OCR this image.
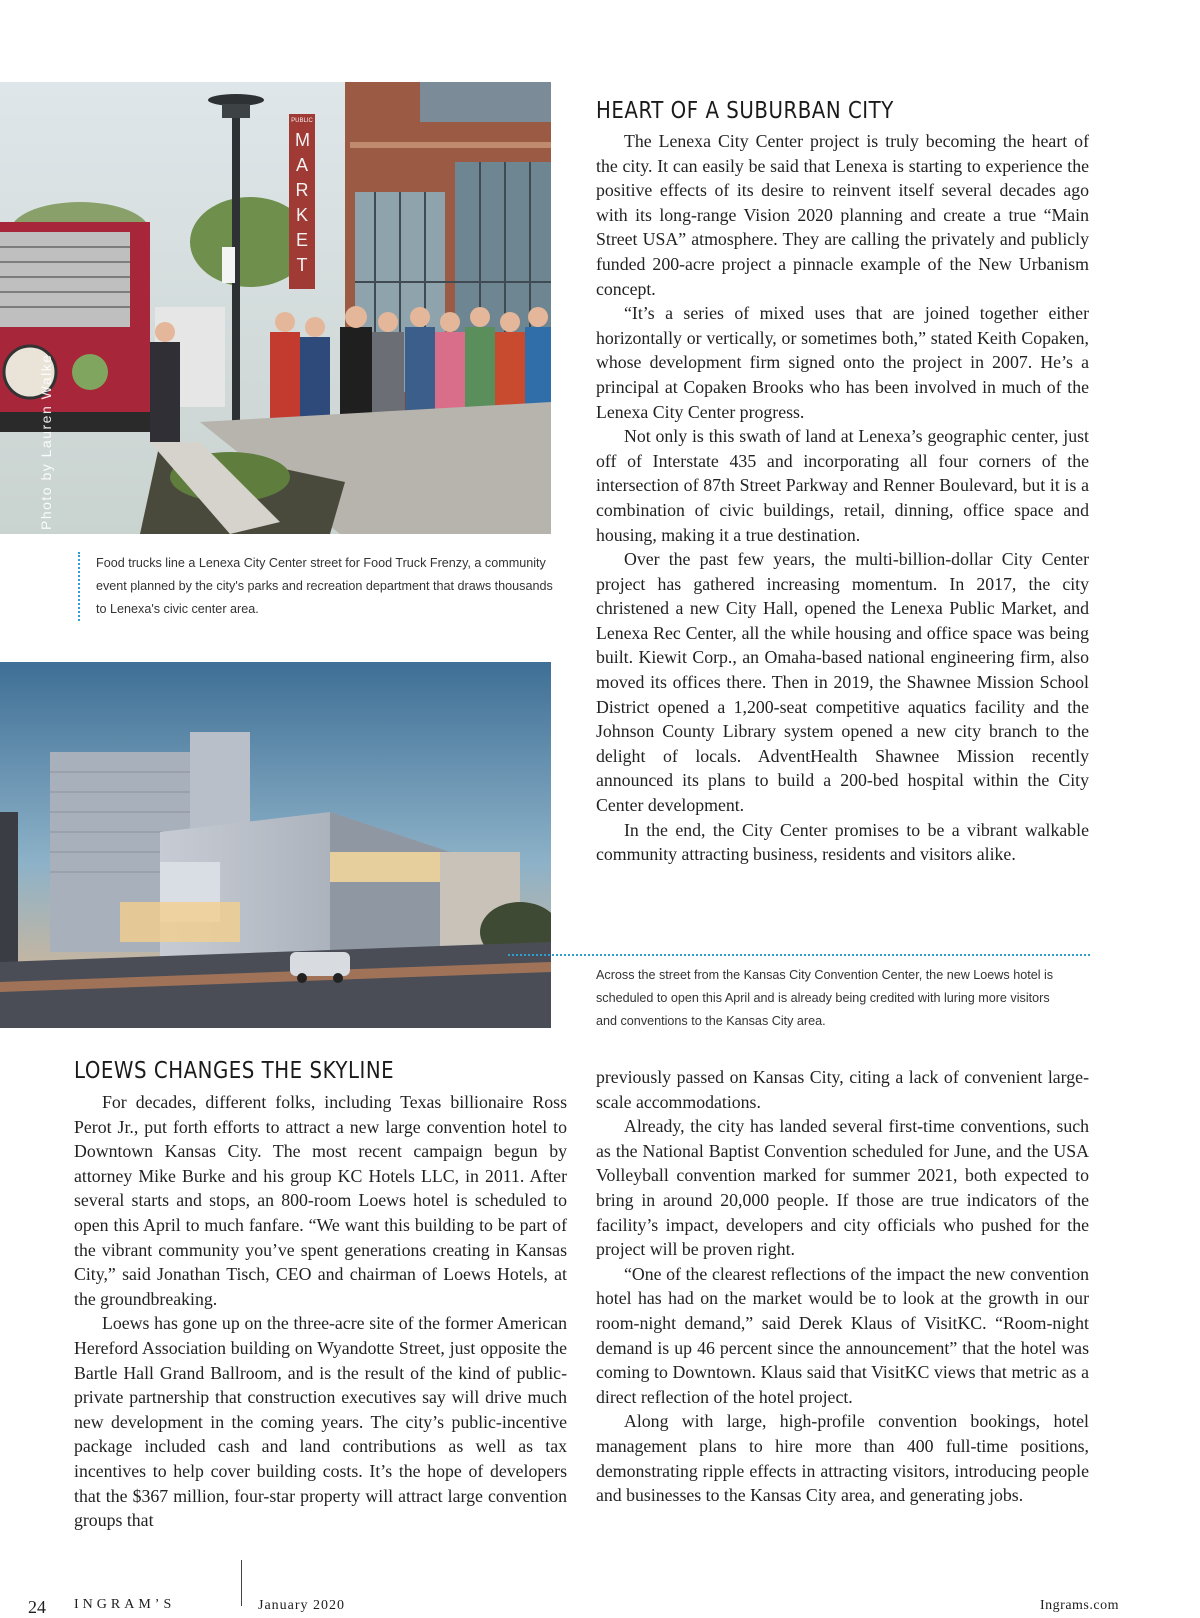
PUBLIC
MARKET
Photo by Lauren Walke
Food trucks line a Lenexa City Center street for Food Truck Frenzy, a community event planned by the city's parks and recreation department that draws thousands to Lenexa's civic center area.
HEART OF A SUBURBAN CITY

The Lenexa City Center project is truly becoming the heart of the city. It can easily be said that Lenexa is starting to experience the positive effects of its desire to reinvent itself several decades ago with its long-range Vision 2020 planning and create a true “Main Street USA” atmosphere. They are calling the privately and publicly funded 200-acre project a pinnacle example of the New Urbanism concept.

“It’s a series of mixed uses that are joined together either horizontally or vertically, or sometimes both,” stated Keith Copaken, whose development firm signed onto the project in 2007. He’s a principal at Copaken Brooks who has been involved in much of the Lenexa City Center progress.

Not only is this swath of land at Lenexa’s geographic center, just off of Interstate 435 and incorporating all four corners of the intersection of 87th Street Parkway and Renner Boulevard, but it is a combination of civic buildings, retail, dinning, office space and housing, making it a true destination.

Over the past few years, the multi-billion-dollar City Center project has gathered increasing momentum. In 2017, the city christened a new City Hall, opened the Lenexa Public Market, and Lenexa Rec Center, all the while housing and office space was being built. Kiewit Corp., an Omaha-based national engineering firm, also moved its offices there. Then in 2019, the Shawnee Mission School District opened a 1,200-seat competitive aquatics facility and the Johnson County Library system opened a new city branch to the delight of locals. AdventHealth Shawnee Mission recently announced its plans to build a 200-bed hospital within the City Center development.

In the end, the City Center promises to be a vibrant walkable community attracting business, residents and visitors alike.

Across the street from the Kansas City Convention Center, the new Loews hotel is scheduled to open this April and is already being credited with luring more visitors and conventions to the Kansas City area.
LOEWS CHANGES THE SKYLINE

For decades, different folks, including Texas billionaire Ross Perot Jr., put forth efforts to attract a new large convention hotel to Downtown Kansas City. The most recent campaign begun by attorney Mike Burke and his group KC Hotels LLC, in 2011. After several starts and stops, an 800-room Loews hotel is scheduled to open this April to much fanfare. “We want this building to be part of the vibrant community you’ve spent generations creating in Kansas City,” said Jonathan Tisch, CEO and chairman of Loews Hotels, at the groundbreaking.

Loews has gone up on the three-acre site of the former American Hereford Association building on Wyandotte Street, just opposite the Bartle Hall Grand Ballroom, and is the result of the kind of public-private partnership that construction executives say will drive much new development in the coming years. The city’s public-incentive package included cash and land contributions as well as tax incentives to help cover building costs. It’s the hope of developers that the $367 million, four-star property will attract large convention groups that

previously passed on Kansas City, citing a lack of convenient large-scale accommodations.

Already, the city has landed several first-time conventions, such as the National Baptist Convention scheduled for June, and the USA Volleyball convention marked for summer 2021, both expected to bring in around 20,000 people. If those are true indicators of the facility’s impact, developers and city officials who pushed for the project will be proven right.

“One of the clearest reflections of the impact the new convention hotel has had on the market would be to look at the growth in our room-night demand,” said Derek Klaus of VisitKC. “Room-night demand is up 46 percent since the announcement” that the hotel was coming to Downtown. Klaus said that VisitKC views that metric as a direct reflection of the hotel project.

Along with large, high-profile convention bookings, hotel management plans to hire more than 400 full-time positions, demonstrating ripple effects in attracting visitors, introducing people and businesses to the Kansas City area, and generating jobs.

24 INGRAM’S	January 2020	Ingrams.com
